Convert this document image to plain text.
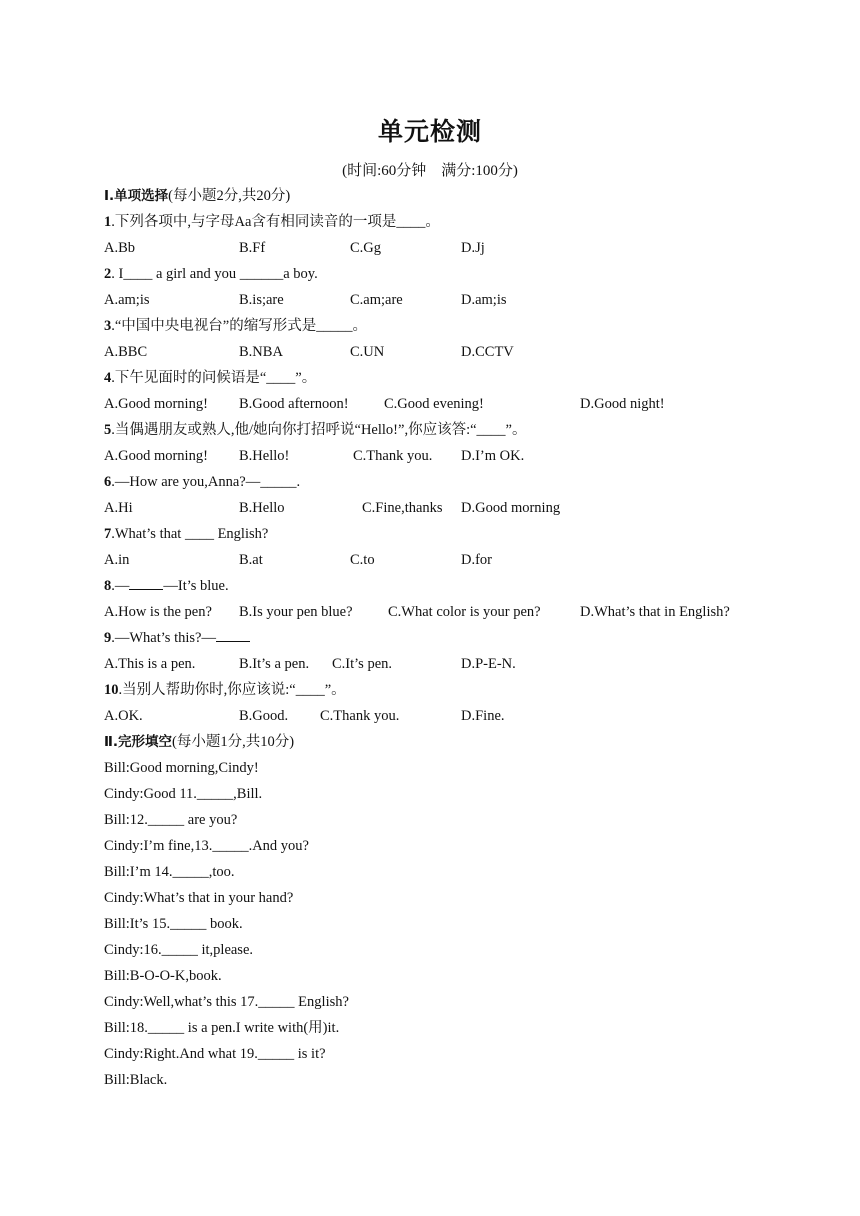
单元检测
(时间:60分钟　满分:100分)
Ⅰ.单项选择(每小题2分,共20分)
1.下列各项中,与字母Aa含有相同读音的一项是____。
A.Bb	B.Ff	C.Gg	D.Jj
2. I____ a girl and you ______a boy.
A.am;is	B.is;are	C.am;are	D.am;is
3.“中国中央电视台”的缩写形式是_____。
A.BBC	B.NBA	C.UN	D.CCTV
4.下午见面时的问候语是“____”。
A.Good morning! B.Good afternoon! C.Good evening!	D.Good night!
5.当偶遇朋友或熟人,他/她向你打招呼说“Hello!”,你应该答:“____”。
A.Good morning! B.Hello!	C.Thank you. D.I’m OK.
6.—How are you,Anna?—_____.
A.Hi	B.Hello	C.Fine,thanks D.Good morning
7.What’s that ____ English?
A.in	B.at	C.to	D.for
8.— —It’s blue.
A.How is the pen? B.Is your pen blue? C.What color is your pen?	D.What’s that in English?
9.—What’s this?—
A.This is a pen.	B.It’s a pen. C.It’s pen.	D.P-E-N.
10.当别人帮助你时,你应该说:“____”。
A.OK.	B.Good. C.Thank you.	D.Fine.
Ⅱ.完形填空(每小题1分,共10分)
Bill:Good morning,Cindy!
Cindy:Good 11._____,Bill.
Bill:12._____ are you?
Cindy:I’m fine,13._____.And you?
Bill:I’m 14._____,too.
Cindy:What’s that in your hand?
Bill:It’s 15._____ book.
Cindy:16._____ it,please.
Bill:B-O-O-K,book.
Cindy:Well,what’s this 17._____ English?
Bill:18._____ is a pen.I write with(用)it.
Cindy:Right.And what 19._____ is it?
Bill:Black.
